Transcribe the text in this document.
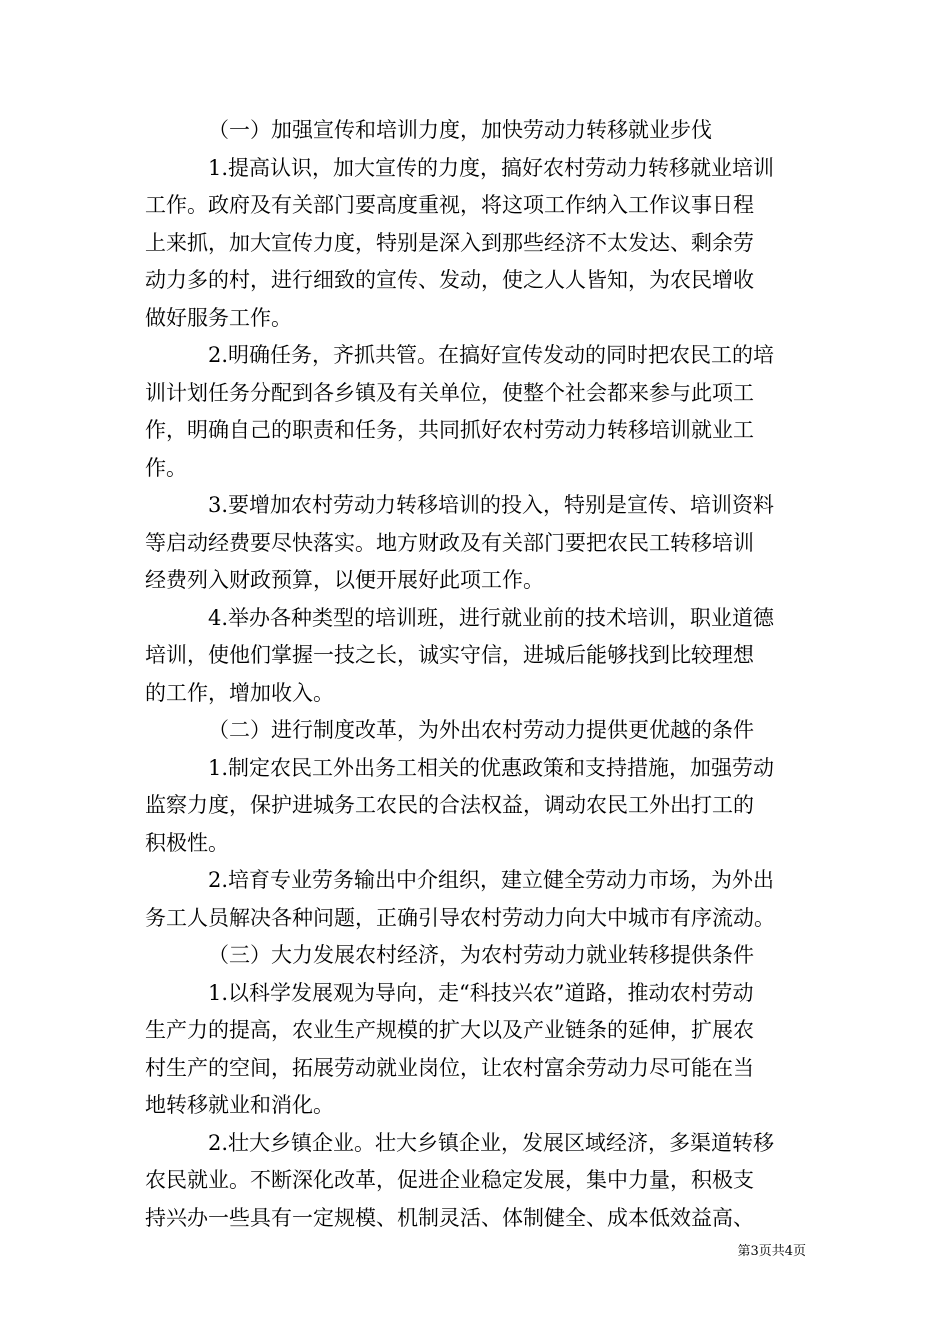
（一）加强宣传和培训力度，加快劳动力转移就业步伐
1.提高认识，加大宣传的力度，搞好农村劳动力转移就业培训
工作。政府及有关部门要高度重视，将这项工作纳入工作议事日程
上来抓，加大宣传力度，特别是深入到那些经济不太发达、剩余劳
动力多的村，进行细致的宣传、发动，使之人人皆知，为农民增收
做好服务工作。
2.明确任务，齐抓共管。在搞好宣传发动的同时把农民工的培
训计划任务分配到各乡镇及有关单位，使整个社会都来参与此项工
作，明确自己的职责和任务，共同抓好农村劳动力转移培训就业工
作。
3.要增加农村劳动力转移培训的投入，特别是宣传、培训资料
等启动经费要尽快落实。地方财政及有关部门要把农民工转移培训
经费列入财政预算，以便开展好此项工作。
4.举办各种类型的培训班，进行就业前的技术培训，职业道德
培训，使他们掌握一技之长，诚实守信，进城后能够找到比较理想
的工作，增加收入。
（二）进行制度改革，为外出农村劳动力提供更优越的条件
1.制定农民工外出务工相关的优惠政策和支持措施，加强劳动
监察力度，保护进城务工农民的合法权益，调动农民工外出打工的
积极性。
2.培育专业劳务输出中介组织，建立健全劳动力市场，为外出
务工人员解决各种问题，正确引导农村劳动力向大中城市有序流动。
（三）大力发展农村经济，为农村劳动力就业转移提供条件
1.以科学发展观为导向，走“科技兴农”道路，推动农村劳动
生产力的提高，农业生产规模的扩大以及产业链条的延伸，扩展农
村生产的空间，拓展劳动就业岗位，让农村富余劳动力尽可能在当
地转移就业和消化。
2.壮大乡镇企业。壮大乡镇企业，发展区域经济，多渠道转移
农民就业。不断深化改革，促进企业稳定发展，集中力量，积极支
持兴办一些具有一定规模、机制灵活、体制健全、成本低效益高、
第3页共4页
